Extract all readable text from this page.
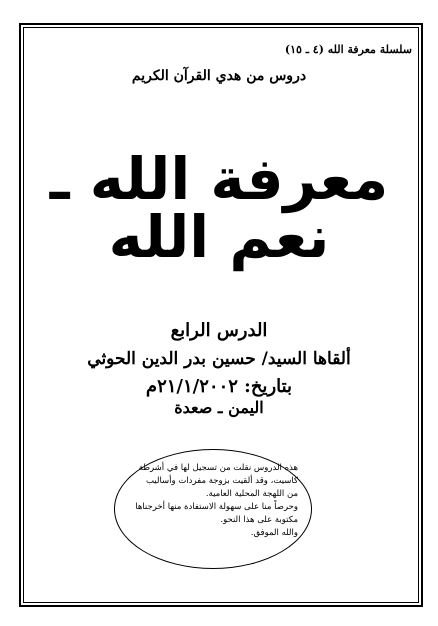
سلسلة معرفة الله (٤ ـ ١٥)
دروس من هدي القرآن الكريم
معرفة الله ـ نعم الله
الدرس الرابع
ألقاها السيد/ حسين بدر الدين الحوثي
بتاريخ: ٢١/١/٢٠٠٢م
اليمن ـ صعدة

هذه الدروس نقلت من تسجيل لها في أشرطة

كاسيت، وقد ألقيت بزوجة مفردات وأساليب

من اللهجة المحلية العامية.

وحرصاً منا على سهولة الاستفادة منها أخرجناها

مكتوبة على هذا النحو.

والله الموفق.
